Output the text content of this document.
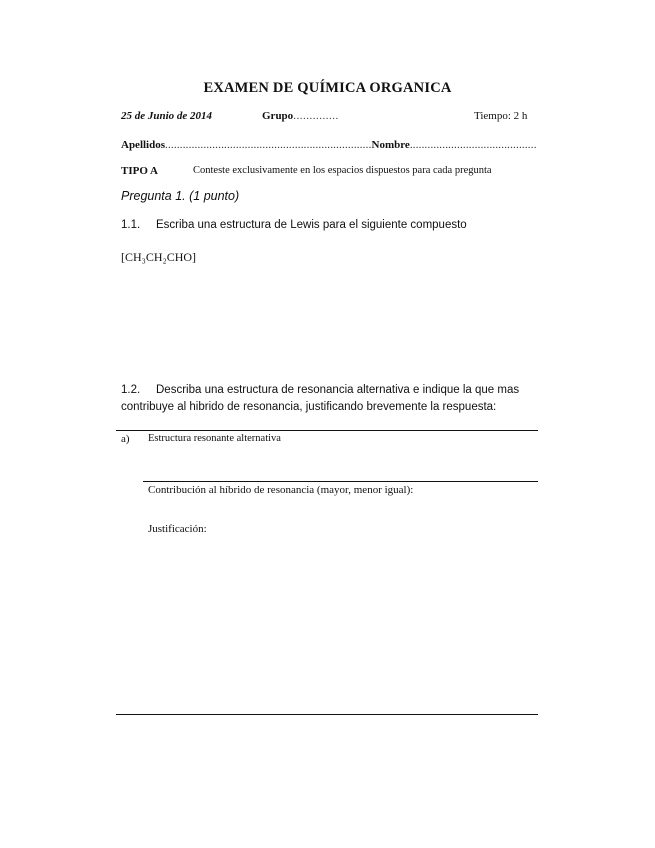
EXAMEN DE QUÍMICA ORGANICA
25 de Junio de 2014	Grupo..............	Tiempo: 2 h
Apellidos......................................................................Nombre...........................................
TIPO A	Conteste exclusivamente en los espacios dispuestos para cada pregunta
Pregunta 1. (1 punto)
1.1. Escriba una estructura de Lewis para el siguiente compuesto
[CH₃CH₂CHO]
1.2. Describa una estructura de resonancia alternativa e indique la que mas
contribuye al hibrido de resonancia, justificando brevemente la respuesta:
a) Estructura resonante alternativa
Contribución al híbrido de resonancia (mayor, menor igual):
Justificación:
